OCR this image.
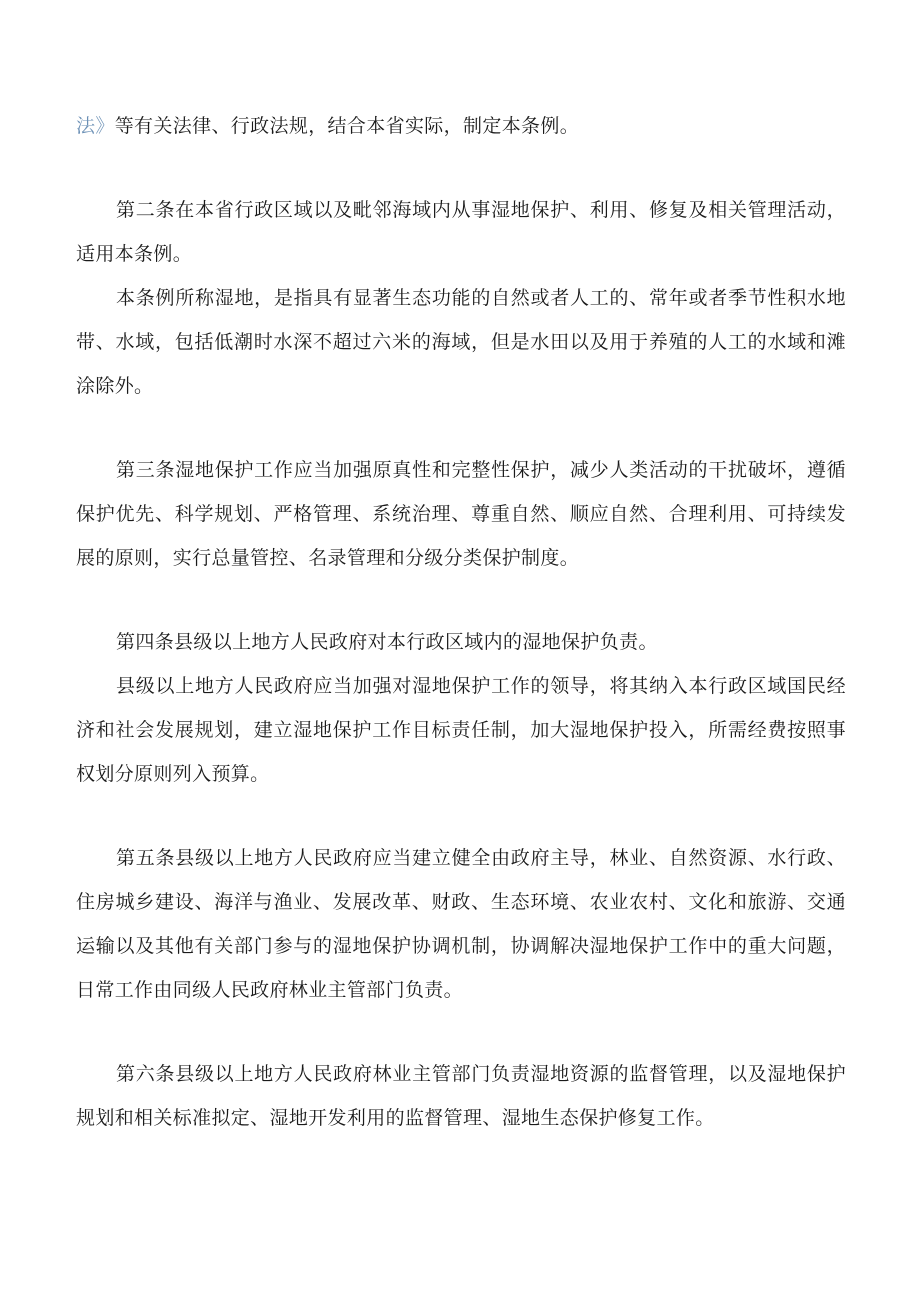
法》等有关法律、行政法规，结合本省实际，制定本条例。

第二条在本省行政区域以及毗邻海域内从事湿地保护、利用、修复及相关管理活动，适用本条例。

本条例所称湿地，是指具有显著生态功能的自然或者人工的、常年或者季节性积水地带、水域，包括低潮时水深不超过六米的海域，但是水田以及用于养殖的人工的水域和滩涂除外。

第三条湿地保护工作应当加强原真性和完整性保护，减少人类活动的干扰破坏，遵循保护优先、科学规划、严格管理、系统治理、尊重自然、顺应自然、合理利用、可持续发展的原则，实行总量管控、名录管理和分级分类保护制度。

第四条县级以上地方人民政府对本行政区域内的湿地保护负责。

县级以上地方人民政府应当加强对湿地保护工作的领导，将其纳入本行政区域国民经济和社会发展规划，建立湿地保护工作目标责任制，加大湿地保护投入，所需经费按照事权划分原则列入预算。

第五条县级以上地方人民政府应当建立健全由政府主导，林业、自然资源、水行政、住房城乡建设、海洋与渔业、发展改革、财政、生态环境、农业农村、文化和旅游、交通运输以及其他有关部门参与的湿地保护协调机制，协调解决湿地保护工作中的重大问题，日常工作由同级人民政府林业主管部门负责。

第六条县级以上地方人民政府林业主管部门负责湿地资源的监督管理，以及湿地保护规划和相关标准拟定、湿地开发利用的监督管理、湿地生态保护修复工作。
